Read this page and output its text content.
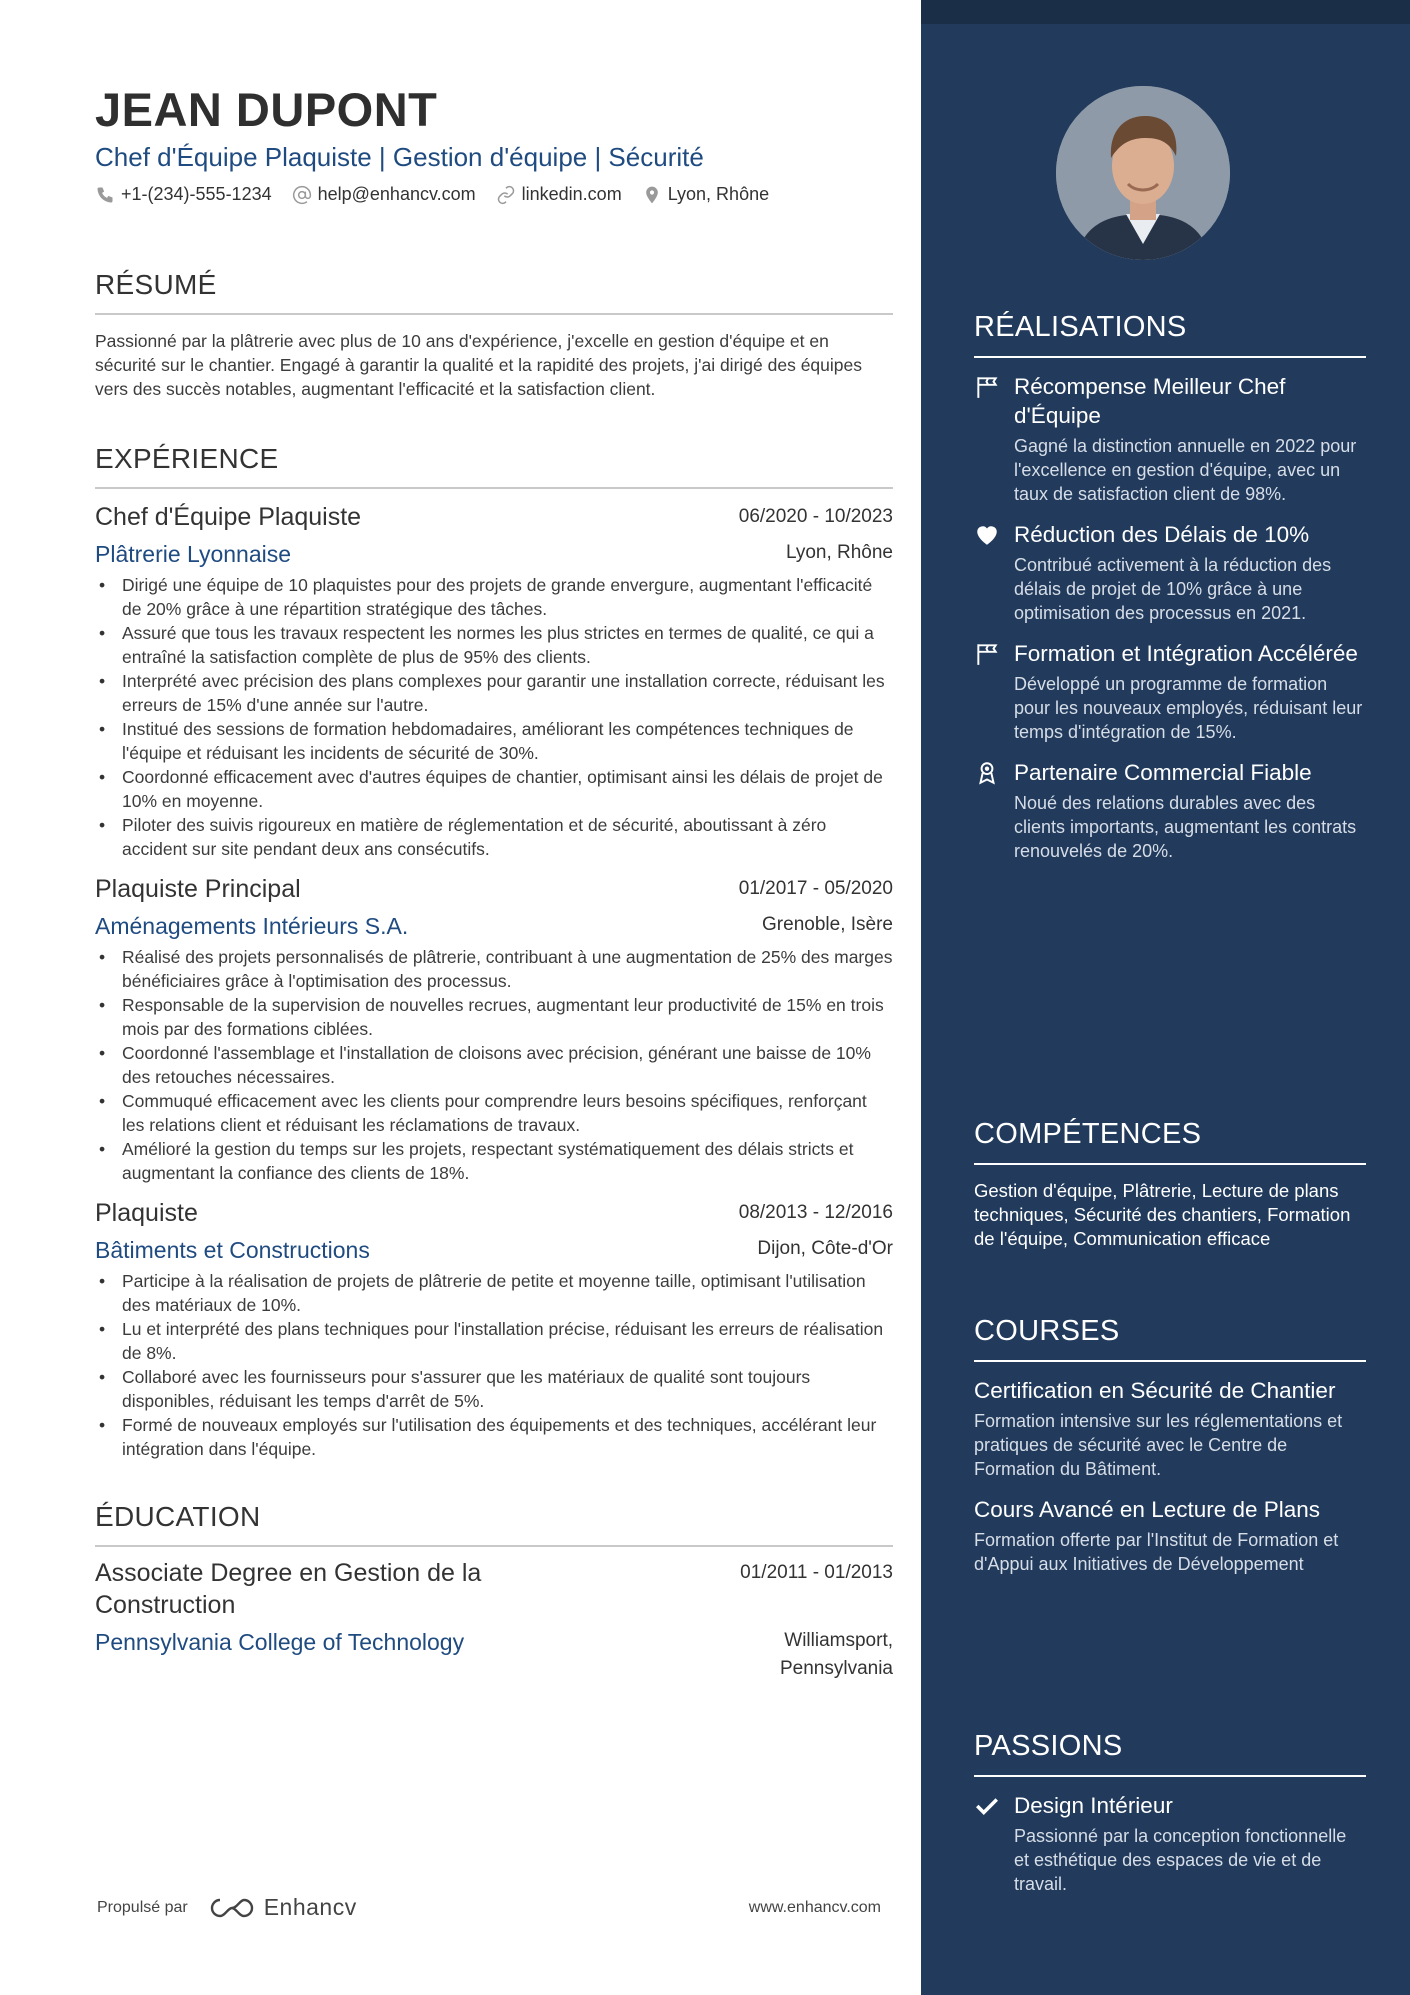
JEAN DUPONT
Chef d'Équipe Plaquiste | Gestion d'équipe | Sécurité
+1-(234)-555-1234	help@enhancv.com	linkedin.com	Lyon, Rhône
RÉSUMÉ
Passionné par la plâtrerie avec plus de 10 ans d'expérience, j'excelle en gestion d'équipe et en sécurité sur le chantier. Engagé à garantir la qualité et la rapidité des projets, j'ai dirigé des équipes vers des succès notables, augmentant l'efficacité et la satisfaction client.
EXPÉRIENCE
Chef d'Équipe Plaquiste	06/2020 - 10/2023
Plâtrerie Lyonnaise	Lyon, Rhône
• Dirigé une équipe de 10 plaquistes pour des projets de grande envergure, augmentant l'efficacité de 20% grâce à une répartition stratégique des tâches.
• Assuré que tous les travaux respectent les normes les plus strictes en termes de qualité, ce qui a entraîné la satisfaction complète de plus de 95% des clients.
• Interprété avec précision des plans complexes pour garantir une installation correcte, réduisant les erreurs de 15% d'une année sur l'autre.
• Institué des sessions de formation hebdomadaires, améliorant les compétences techniques de l'équipe et réduisant les incidents de sécurité de 30%.
• Coordonné efficacement avec d'autres équipes de chantier, optimisant ainsi les délais de projet de 10% en moyenne.
• Piloter des suivis rigoureux en matière de réglementation et de sécurité, aboutissant à zéro accident sur site pendant deux ans consécutifs.
Plaquiste Principal	01/2017 - 05/2020
Aménagements Intérieurs S.A.	Grenoble, Isère
• Réalisé des projets personnalisés de plâtrerie, contribuant à une augmentation de 25% des marges bénéficiaires grâce à l'optimisation des processus.
• Responsable de la supervision de nouvelles recrues, augmentant leur productivité de 15% en trois mois par des formations ciblées.
• Coordonné l'assemblage et l'installation de cloisons avec précision, générant une baisse de 10% des retouches nécessaires.
• Commuqué efficacement avec les clients pour comprendre leurs besoins spécifiques, renforçant les relations client et réduisant les réclamations de travaux.
• Amélioré la gestion du temps sur les projets, respectant systématiquement des délais stricts et augmentant la confiance des clients de 18%.
Plaquiste	08/2013 - 12/2016
Bâtiments et Constructions	Dijon, Côte-d'Or
• Participe à la réalisation de projets de plâtrerie de petite et moyenne taille, optimisant l'utilisation des matériaux de 10%.
• Lu et interprété des plans techniques pour l'installation précise, réduisant les erreurs de réalisation de 8%.
• Collaboré avec les fournisseurs pour s'assurer que les matériaux de qualité sont toujours disponibles, réduisant les temps d'arrêt de 5%.
• Formé de nouveaux employés sur l'utilisation des équipements et des techniques, accélérant leur intégration dans l'équipe.
ÉDUCATION
Associate Degree en Gestion de la Construction
01/2011 - 01/2013
Pennsylvania College of Technology	Williamsport, Pennsylvania
Propulsé par	Enhancv	www.enhancv.com
RÉALISATIONS
Récompense Meilleur Chef d'Équipe
Gagné la distinction annuelle en 2022 pour l'excellence en gestion d'équipe, avec un taux de satisfaction client de 98%.
Réduction des Délais de 10%
Contribué activement à la réduction des délais de projet de 10% grâce à une optimisation des processus en 2021.
Formation et Intégration Accélérée
Développé un programme de formation pour les nouveaux employés, réduisant leur temps d'intégration de 15%.
Partenaire Commercial Fiable
Noué des relations durables avec des clients importants, augmentant les contrats renouvelés de 20%.
COMPÉTENCES
Gestion d'équipe, Plâtrerie, Lecture de plans techniques, Sécurité des chantiers, Formation de l'équipe, Communication efficace
COURSES
Certification en Sécurité de Chantier
Formation intensive sur les réglementations et pratiques de sécurité avec le Centre de Formation du Bâtiment.
Cours Avancé en Lecture de Plans
Formation offerte par l'Institut de Formation et d'Appui aux Initiatives de Développement
PASSIONS
Design Intérieur
Passionné par la conception fonctionnelle et esthétique des espaces de vie et de travail.
